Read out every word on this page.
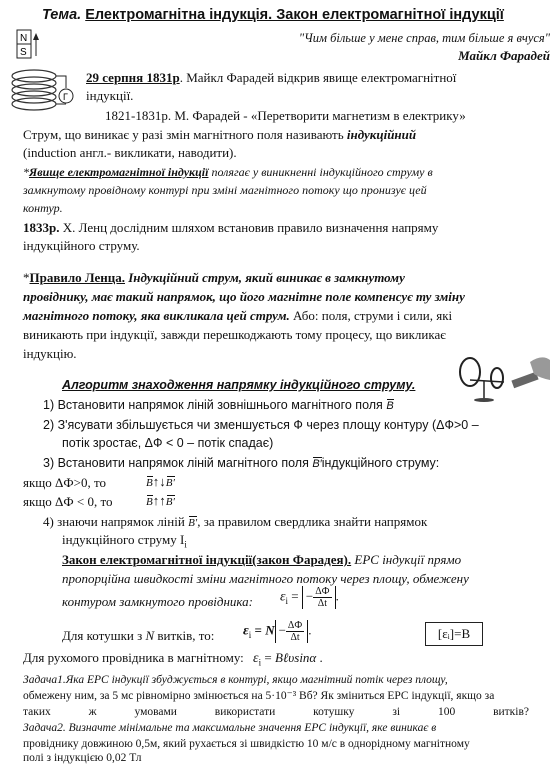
Тема. Електромагнітна індукція. Закон електромагнітної індукції
"Чим більше у мене справ, тим більше я вчуся"
Майкл Фарадей
N
S
Г
29 серпня 1831р. Майкл Фарадей відкрив явище електромагнітної
індукції.
1821-1831р. М. Фарадей - «Перетворити магнетизм в електрику»
Струм, що виникає у разі змін магнітного поля називають індукційний
(induction англ.- викликати, наводити).
*Явище електромагнітної індукції полягає у виникненні індукційного струму в
замкнутому провідному контурі при зміні магнітного потоку що пронизує цей
контур.
1833р. Х. Ленц дослідним шляхом встановив правило визначення напряму
індукційного струму.
*Правило Ленца. Індукційний струм, який виникає в замкнутому
провіднику, має такий напрямок, що його магнітне поле компенсує ту зміну
магнітного потоку, яка викликала цей струм. Або: поля, струми і сили, які
виникають при індукції, завжди перешкоджають тому процесу, що викликає
індукцію.
Алгоритм знаходження напрямку індукційного струму.
1) Встановити напрямок ліній зовнішнього магнітного поля B
2) З'ясувати збільшується чи зменшується Ф через площу контуру (ΔФ>0 –
потік зростає, ΔФ < 0 – потік спадає)
3) Встановити напрямок ліній магнітного поля B′індукційного струму:
якщо ΔФ>0, то	B↑↓B′
якщо ΔФ < 0, то	B↑↑B′
4) знаючи напрямок ліній B′, за правилом свердлика знайти напрямок
індукційного струму $I_і$
Закон електромагнітної індукції(закон Фарадея). ЕРС індукції прямо
пропорційна швидкості зміни магнітного потоку через площу, обмежену
контуром замкнутого провідника: $\varepsilon_i$ = − $\frac{\Delta Ф}{\Delta t}$ .
Для котушки з N витків, то: $\varepsilon_i = N - \frac{\Delta Ф}{\Delta t}$ .	[εᵢ]=В
Для рухомого провідника в магнітному: $\varepsilon_i$ = Bℓυsinα .
Задача1.Яка ЕРС індукції збуджується в контурі, якщо магнітний потік через площу,
обмежену ним, за 5 мс рівномірно змінюється на 5·10⁻³ Вб? Як зміниться ЕРС індукції, якщо за
таких	ж	умовами	використати	котушку	зі	100	витків?
Задача2. Визначте мінімальне та максимальне значення ЕРС індукції, яке виникає в
провіднику довжиною 0,5м, який рухається зі швидкістю 10 м/с в однорідному магнітному
полі з індукцією 0,02 Тл
